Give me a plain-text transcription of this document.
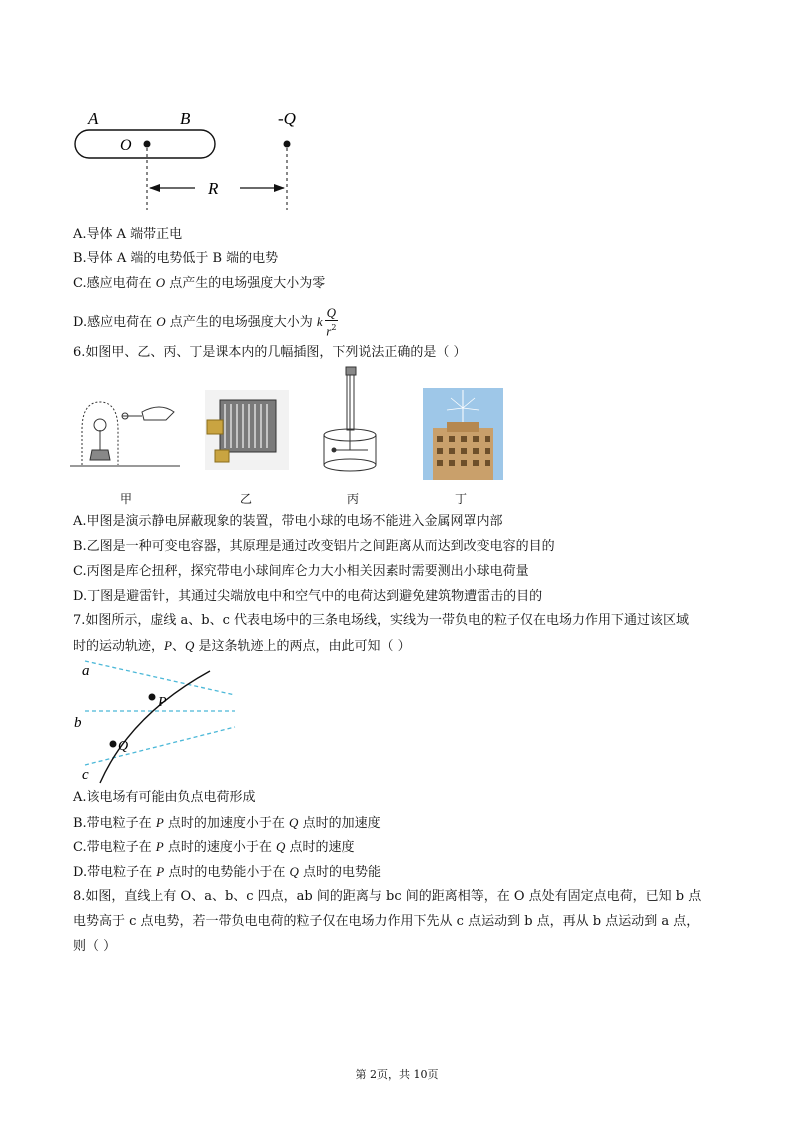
A	B	-Q
O
R
A.导体 A 端带正电
B.导体 A 端的电势低于 B 端的电势
C.感应电荷在 O 点产生的电场强度大小为零
D.感应电荷在 O 点产生的电场强度大小为 k $\frac{Q}{r^2}$
6.如图甲、乙、丙、丁是课本内的几幅插图，下列说法正确的是（ ）
甲	乙	丙	丁
A.甲图是演示静电屏蔽现象的装置，带电小球的电场不能进入金属网罩内部
B.乙图是一种可变电容器，其原理是通过改变铝片之间距离从而达到改变电容的目的
C.丙图是库仑扭秤，探究带电小球间库仑力大小相关因素时需要测出小球电荷量
D.丁图是避雷针，其通过尖端放电中和空气中的电荷达到避免建筑物遭雷击的目的
7.如图所示，虚线 a、b、c 代表电场中的三条电场线，实线为一带负电的粒子仅在电场力作用下通过该区域
时的运动轨迹，P、Q 是这条轨迹上的两点，由此可知（ ）
a
b
c
P
Q
A.该电场有可能由负点电荷形成
B.带电粒子在 P 点时的加速度小于在 Q 点时的加速度
C.带电粒子在 P 点时的速度小于在 Q 点时的速度
D.带电粒子在 P 点时的电势能小于在 Q 点时的电势能
8.如图，直线上有 O、a、b、c 四点，ab 间的距离与 bc 间的距离相等，在 O 点处有固定点电荷，已知 b 点
电势高于 c 点电势，若一带负电电荷的粒子仅在电场力作用下先从 c 点运动到 b 点，再从 b 点运动到 a 点，
则（ ）
第 2页，共 10页
